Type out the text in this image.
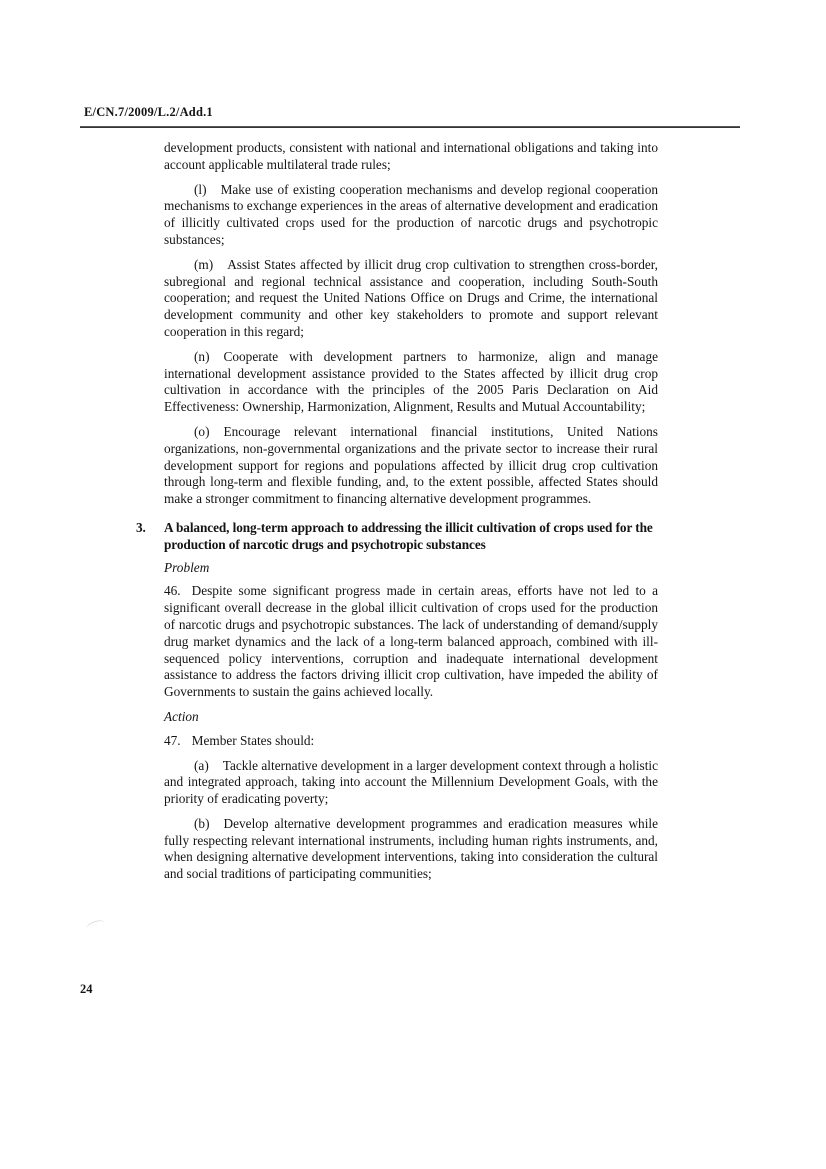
E/CN.7/2009/L.2/Add.1

development products, consistent with national and international obligations and taking into account applicable multilateral trade rules;

(l) Make use of existing cooperation mechanisms and develop regional cooperation mechanisms to exchange experiences in the areas of alternative development and eradication of illicitly cultivated crops used for the production of narcotic drugs and psychotropic substances;

(m) Assist States affected by illicit drug crop cultivation to strengthen cross-border, subregional and regional technical assistance and cooperation, including South-South cooperation; and request the United Nations Office on Drugs and Crime, the international development community and other key stakeholders to promote and support relevant cooperation in this regard;

(n) Cooperate with development partners to harmonize, align and manage international development assistance provided to the States affected by illicit drug crop cultivation in accordance with the principles of the 2005 Paris Declaration on Aid Effectiveness: Ownership, Harmonization, Alignment, Results and Mutual Accountability;

(o) Encourage relevant international financial institutions, United Nations organizations, non-governmental organizations and the private sector to increase their rural development support for regions and populations affected by illicit drug crop cultivation through long-term and flexible funding, and, to the extent possible, affected States should make a stronger commitment to financing alternative development programmes.

3. A balanced, long-term approach to addressing the illicit cultivation of crops used for the production of narcotic drugs and psychotropic substances

Problem

46. Despite some significant progress made in certain areas, efforts have not led to a significant overall decrease in the global illicit cultivation of crops used for the production of narcotic drugs and psychotropic substances. The lack of understanding of demand/supply drug market dynamics and the lack of a long-term balanced approach, combined with ill-sequenced policy interventions, corruption and inadequate international development assistance to address the factors driving illicit crop cultivation, have impeded the ability of Governments to sustain the gains achieved locally.

Action

47. Member States should:

(a) Tackle alternative development in a larger development context through a holistic and integrated approach, taking into account the Millennium Development Goals, with the priority of eradicating poverty;

(b) Develop alternative development programmes and eradication measures while fully respecting relevant international instruments, including human rights instruments, and, when designing alternative development interventions, taking into consideration the cultural and social traditions of participating communities;

24
